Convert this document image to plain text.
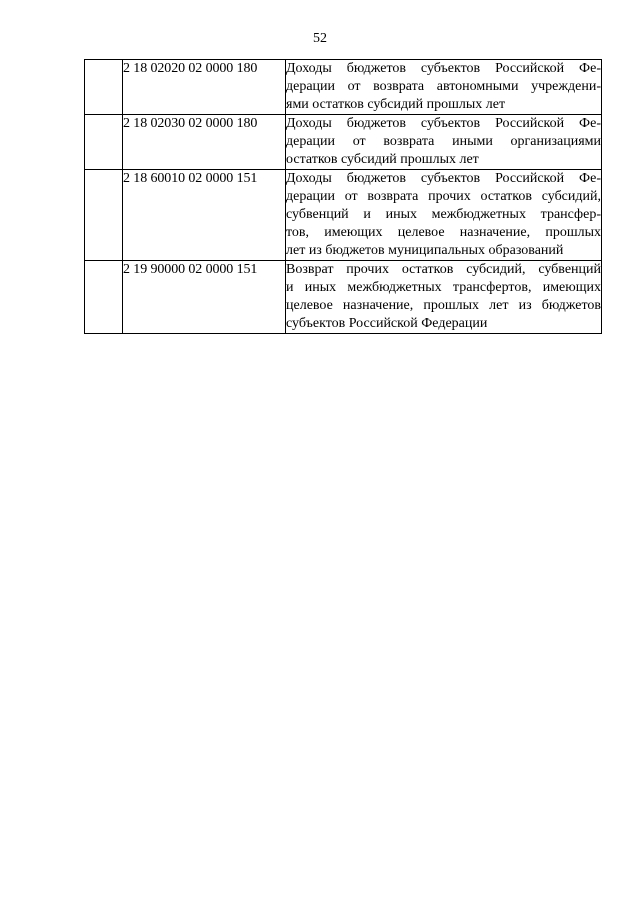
52
	2 18 02020 02 0000 180	Доходы бюджетов субъектов Российской Фе-
дерации от возврата автономными учреждени-
ями остатков субсидий прошлых лет

	2 18 02030 02 0000 180	Доходы бюджетов субъектов Российской Фе-
дерации от возврата иными организациями
остатков субсидий прошлых лет

	2 18 60010 02 0000 151	Доходы бюджетов субъектов Российской Фе-
дерации от возврата прочих остатков субсидий,
субвенций и иных межбюджетных трансфер-
тов, имеющих целевое назначение, прошлых
лет из бюджетов муниципальных образований

	2 19 90000 02 0000 151	Возврат прочих остатков субсидий, субвенций
и иных межбюджетных трансфертов, имеющих
целевое назначение, прошлых лет из бюджетов
субъектов Российской Федерации
